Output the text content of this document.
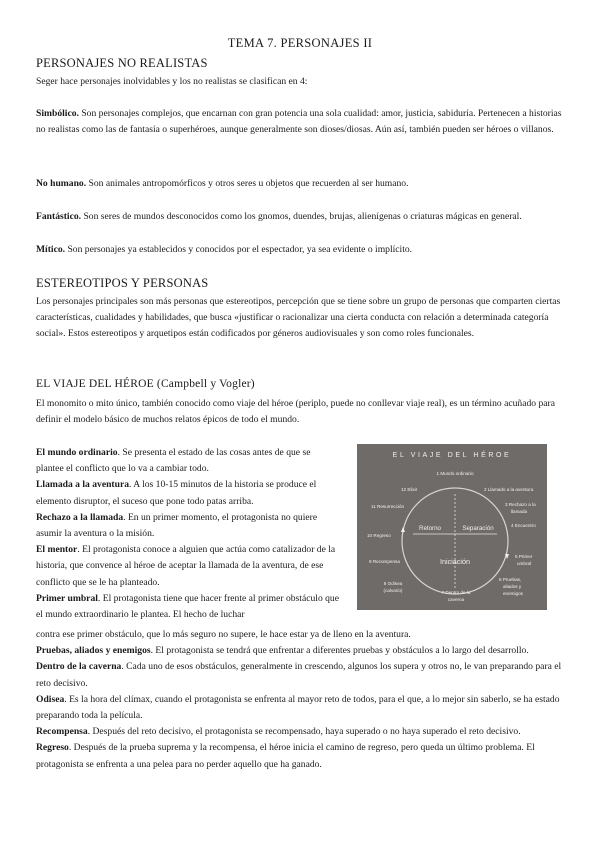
TEMA 7. PERSONAJES II
PERSONAJES NO REALISTAS
Seger hace personajes inolvidables y los no realistas se clasifican en 4:
Simbólico. Son personajes complejos, que encarnan con gran potencia una sola cualidad: amor, justicia, sabiduría. Pertenecen a historias no realistas como las de fantasía o superhéroes, aunque generalmente son dioses/diosas. Aún así, también pueden ser héroes o villanos.
No humano. Son animales antropomórficos y otros seres u objetos que recuerden al ser humano.
Fantástico. Son seres de mundos desconocidos como los gnomos, duendes, brujas, alienígenas o criaturas mágicas en general.
Mítico. Son personajes ya establecidos y conocidos por el espectador, ya sea evidente o implícito.
ESTEREOTIPOS Y PERSONAS
Los personajes principales son más personas que estereotipos, percepción que se tiene sobre un grupo de personas que comparten ciertas características, cualidades y habilidades, que busca «justificar o racionalizar una cierta conducta con relación a determinada categoría social». Estos estereotipos y arquetipos están codificados por géneros audiovisuales y son como roles funcionales.
EL VIAJE DEL HÉROE (Campbell y Vogler)
El monomito o mito único, también conocido como viaje del héroe (periplo, puede no conllevar viaje real), es un término acuñado para definir el modelo básico de muchos relatos épicos de todo el mundo.
El mundo ordinario. Se presenta el estado de las cosas antes de que se plantee el conflicto que lo va a cambiar todo.
Llamada a la aventura. A los 10-15 minutos de la historia se produce el elemento disruptor, el suceso que pone todo patas arriba.
Rechazo a la llamada. En un primer momento, el protagonista no quiere asumir la aventura o la misión.
El mentor. El protagonista conoce a alguien que actúa como catalizador de la historia, que convence al héroe de aceptar la llamada de la aventura, de ese conflicto que se le ha planteado.
Primer umbral. El protagonista tiene que hacer frente al primer obstáculo que el mundo extraordinario le plantea. El hecho de luchar
contra ese primer obstáculo, que lo más seguro no supere, le hace estar ya de lleno en la aventura.
Pruebas, aliados y enemigos. El protagonista se tendrá que enfrentar a diferentes pruebas y obstáculos a lo largo del desarrollo.
Dentro de la caverna. Cada uno de esos obstáculos, generalmente in crescendo, algunos los supera y otros no, le van preparando para el reto decisivo.
Odisea. Es la hora del clímax, cuando el protagonista se enfrenta al mayor reto de todos, para el que, a lo mejor sin saberlo, se ha estado preparando toda la película.
Recompensa. Después del reto decisivo, el protagonista se recompensado, haya superado o no haya superado el reto decisivo.
Regreso. Después de la prueba suprema y la recompensa, el héroe inicia el camino de regreso, pero queda un último problema. El protagonista se enfrenta a una pelea para no perder aquello que ha ganado.
EL VIAJE DEL HÉROE
Retorno	Separación
Iniciación
1 Mundo ordinario
2 Llamado a la aventura
3 Rechazo a la
llamada
4 Encuentro
5 Primer
umbral
6 Pruebas,
aliados y
enemigos
7 Dentro de la
caverna
8 Odisea
(calvario)
9 Recompensa
10 Regreso
11 Resurrección
12 Elixir
